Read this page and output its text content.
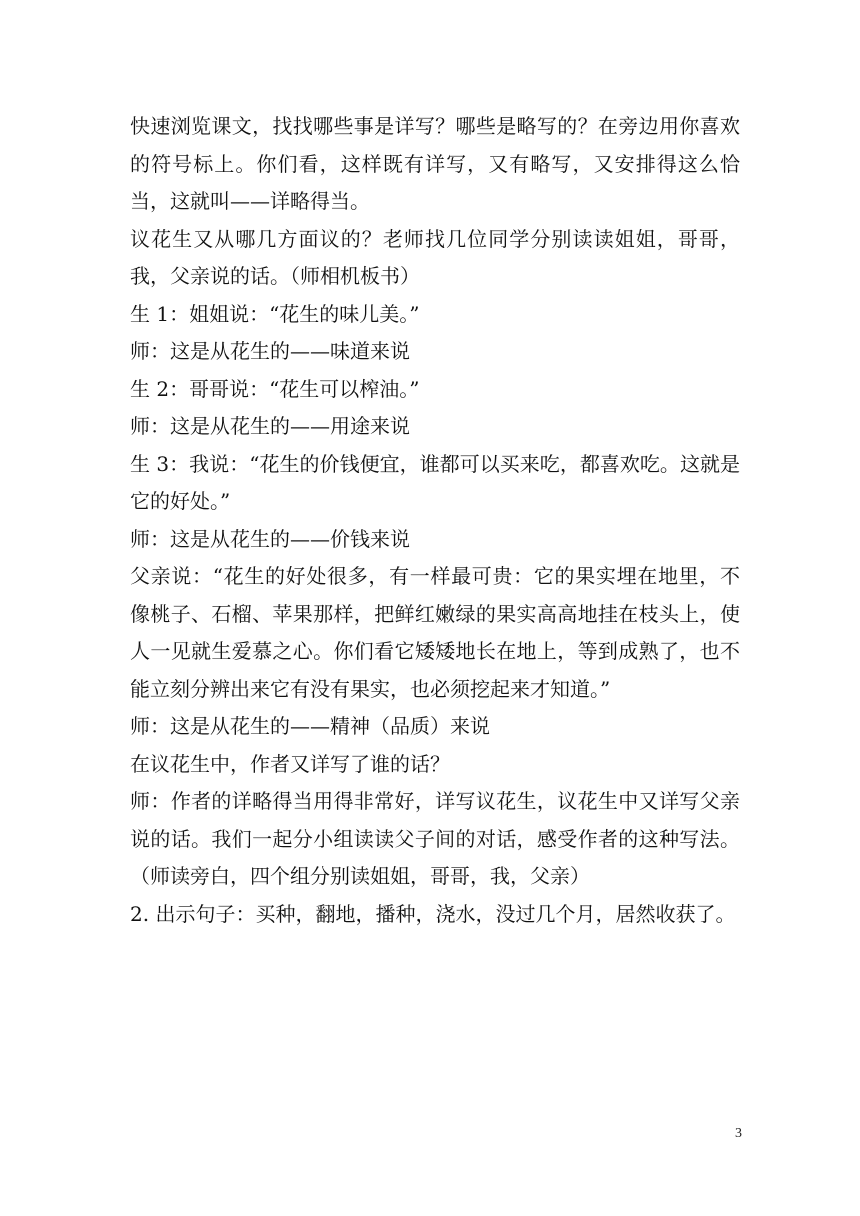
快速浏览课文，找找哪些事是详写？哪些是略写的？在旁边用你喜欢的符号标上。你们看，这样既有详写，又有略写，又安排得这么恰当，这就叫——详略得当。

议花生又从哪几方面议的？老师找几位同学分别读读姐姐，哥哥，我，父亲说的话。（师相机板书）

生 1：姐姐说：“花生的味儿美。”

师：这是从花生的——味道来说

生 2：哥哥说：“花生可以榨油。”

师：这是从花生的——用途来说

生 3：我说：“花生的价钱便宜，谁都可以买来吃，都喜欢吃。这就是它的好处。”

师：这是从花生的——价钱来说

父亲说：“花生的好处很多，有一样最可贵：它的果实埋在地里，不像桃子、石榴、苹果那样，把鲜红嫩绿的果实高高地挂在枝头上，使人一见就生爱慕之心。你们看它矮矮地长在地上，等到成熟了，也不能立刻分辨出来它有没有果实，也必须挖起来才知道。”

师：这是从花生的——精神（品质）来说

在议花生中，作者又详写了谁的话？

师：作者的详略得当用得非常好，详写议花生，议花生中又详写父亲说的话。我们一起分小组读读父子间的对话，感受作者的这种写法。（师读旁白，四个组分别读姐姐，哥哥，我，父亲）

2. 出示句子：买种，翻地，播种，浇水，没过几个月，居然收获了。

3
